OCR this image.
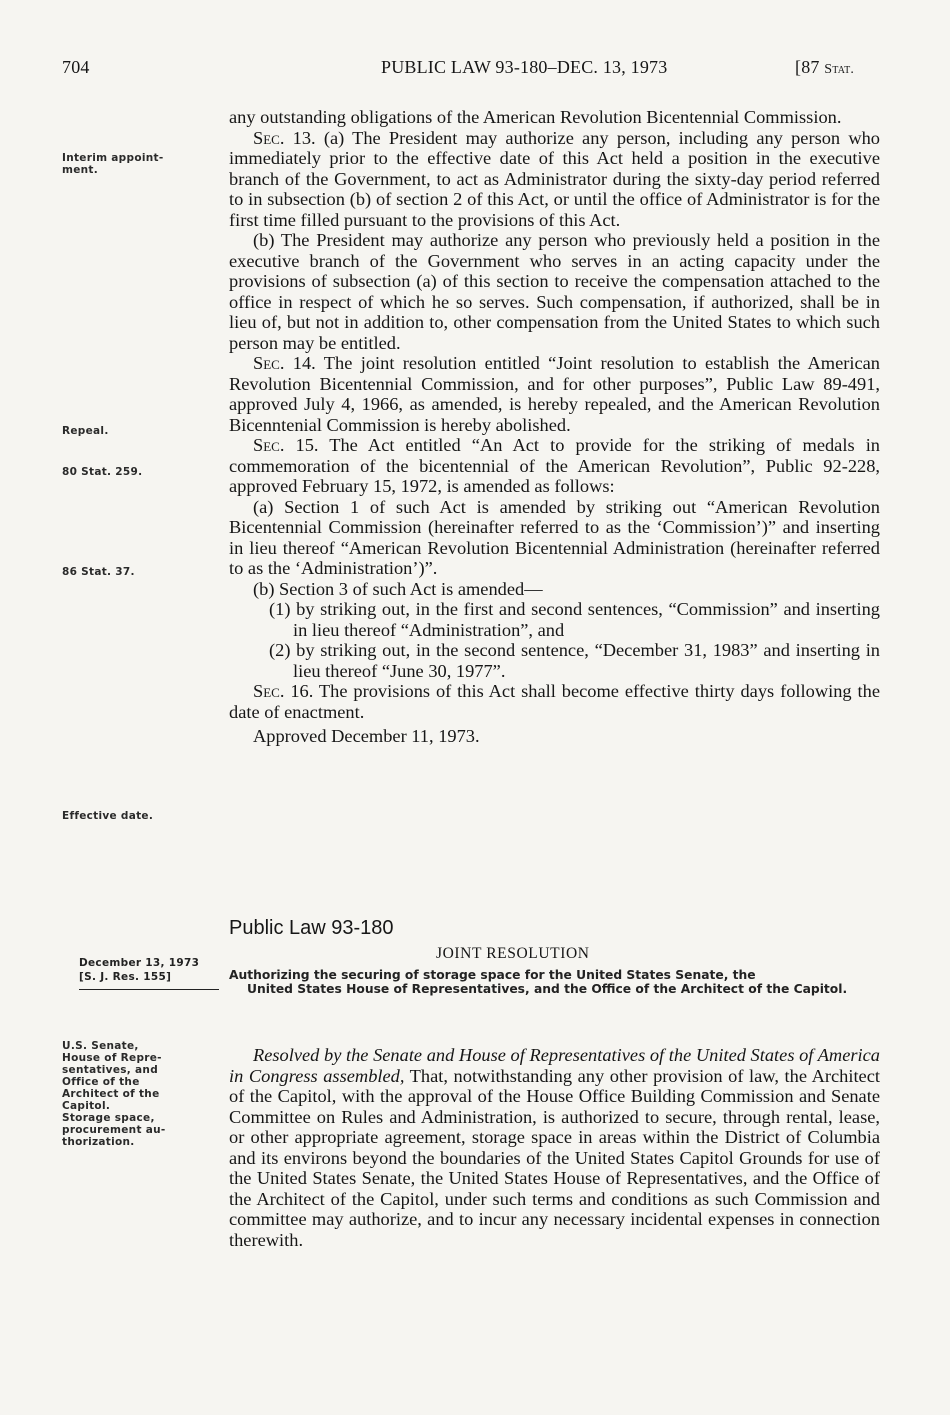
704	PUBLIC LAW 93-180–DEC. 13, 1973	[87 Stat.
Interim appoint-
ment.
Repeal.
80 Stat. 259.
86 Stat. 37.
Effective date.

any outstanding obligations of the American Revolution Bicentennial Commission.

Sec. 13. (a) The President may authorize any person, including any person who immediately prior to the effective date of this Act held a position in the executive branch of the Government, to act as Administrator during the sixty-day period referred to in subsection (b) of section 2 of this Act, or until the office of Administrator is for the first time filled pursuant to the provisions of this Act.

(b) The President may authorize any person who previously held a position in the executive branch of the Government who serves in an acting capacity under the provisions of subsection (a) of this section to receive the compensation attached to the office in respect of which he so serves. Such compensation, if authorized, shall be in lieu of, but not in addition to, other compensation from the United States to which such person may be entitled.

Sec. 14. The joint resolution entitled “Joint resolution to establish the American Revolution Bicentennial Commission, and for other purposes”, Public Law 89-491, approved July 4, 1966, as amended, is hereby repealed, and the American Revolution Bicenntenial Commission is hereby abolished.

Sec. 15. The Act entitled “An Act to provide for the striking of medals in commemoration of the bicentennial of the American Revolution”, Public 92-228, approved February 15, 1972, is amended as follows:

(a) Section 1 of such Act is amended by striking out “American Revolution Bicentennial Commission (hereinafter referred to as the ‘Commission’)” and inserting in lieu thereof “American Revolution Bicentennial Administration (hereinafter referred to as the ‘Administration’)”.

(b) Section 3 of such Act is amended—

(1) by striking out, in the first and second sentences, “Commission” and inserting in lieu thereof “Administration”, and

(2) by striking out, in the second sentence, “December 31, 1983” and inserting in lieu thereof “June 30, 1977”.

Sec. 16. The provisions of this Act shall become effective thirty days following the date of enactment.

Approved December 11, 1973.

Public Law 93-180
December 13, 1973
[S. J. Res. 155]
JOINT RESOLUTION
Authorizing the securing of storage space for the United States Senate, the
United States House of Representatives, and the Office of the Architect of the Capitol.
U.S. Senate,
House of Repre-
sentatives, and
Office of the
Architect of the
Capitol.
Storage space,
procurement au-
thorization.

Resolved by the Senate and House of Representatives of the United States of America in Congress assembled, That, notwithstanding any other provision of law, the Architect of the Capitol, with the approval of the House Office Building Commission and Senate Committee on Rules and Administration, is authorized to secure, through rental, lease, or other appropriate agreement, storage space in areas within the District of Columbia and its environs beyond the boundaries of the United States Capitol Grounds for use of the United States Senate, the United States House of Representatives, and the Office of the Architect of the Capitol, under such terms and conditions as such Commission and committee may authorize, and to incur any necessary incidental expenses in connection therewith.
